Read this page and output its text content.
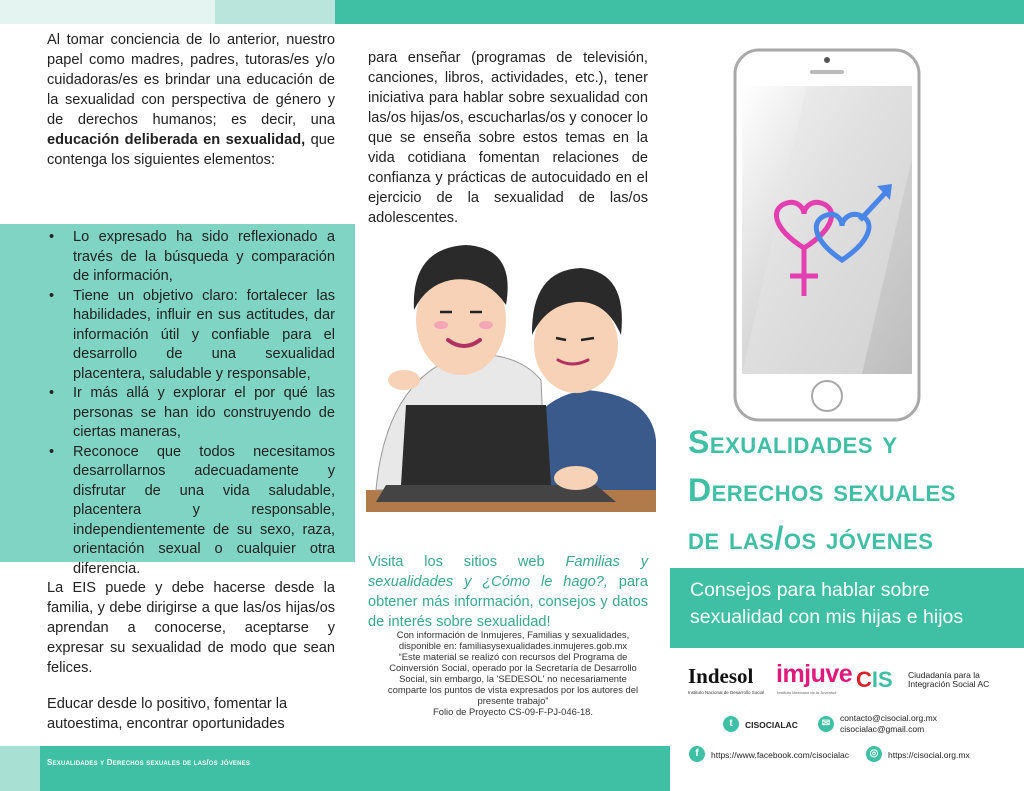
Al tomar conciencia de lo anterior, nuestro papel como madres, padres, tutoras/es y/o cuidadoras/es es brindar una educación de la sexualidad con perspectiva de género y de derechos humanos; es decir, una educación deliberada en sexualidad, que contenga los siguientes elementos:

• Lo expresado ha sido reflexionado a través de la búsqueda y comparación de información,
• Tiene un objetivo claro: fortalecer las habilidades, influir en sus actitudes, dar información útil y confiable para el desarrollo de una sexualidad placentera, saludable y responsable,
• Ir más allá y explorar el por qué las personas se han ido construyendo de ciertas maneras,
• Reconoce que todos necesitamos desarrollarnos adecuadamente y disfrutar de una vida saludable, placentera y responsable, independientemente de su sexo, raza, orientación sexual o cualquier otra diferencia.

La EIS puede y debe hacerse desde la familia, y debe dirigirse a que las/os hijas/os aprendan a conocerse, aceptarse y expresar su sexualidad de modo que sean felices.

Educar desde lo positivo, fomentar la autoestima, encontrar oportunidades

para enseñar (programas de televisión, canciones, libros, actividades, etc.), tener iniciativa para hablar sobre sexualidad con las/os hijas/os, escucharlas/os y conocer lo que se enseña sobre estos temas en la vida cotidiana fomentan relaciones de confianza y prácticas de autocuidado en el ejercicio de la sexualidad de las/os adolescentes.

Visita los sitios web Familias y sexualidades y ¿Cómo le hago?, para obtener más información, consejos y datos de interés sobre sexualidad!

Con información de Inmujeres, Familias y sexualidades,
disponible en: familiasysexualidades.inmujeres.gob.mx
“Este material se realizó con recursos del Programa de
Coinversión Social, operado por la Secretaría de Desarrollo
Social, sin embargo, la 'SEDESOL' no necesariamente
comparte los puntos de vista expresados por los autores del
presente trabajo”
Folio de Proyecto CS-09-F-PJ-046-18.
Sexualidades y
Derechos sexuales
de las/os jóvenes
Consejos para hablar sobre sexualidad con mis hijas e hijos
Indesol
Instituto Nacional de Desarrollo Social
imjuve
Instituto Mexicano de la Juventud
CIS Ciudadanía para la Integración Social AC
t	CISOCIALAC	✉	contacto@cisocial.org.mx
cisocialac@gmail.com
f	https://www.facebook.com/cisocialac	◎	https://cisocial.org.mx
Sexualidades y Derechos sexuales de las/os jóvenes
